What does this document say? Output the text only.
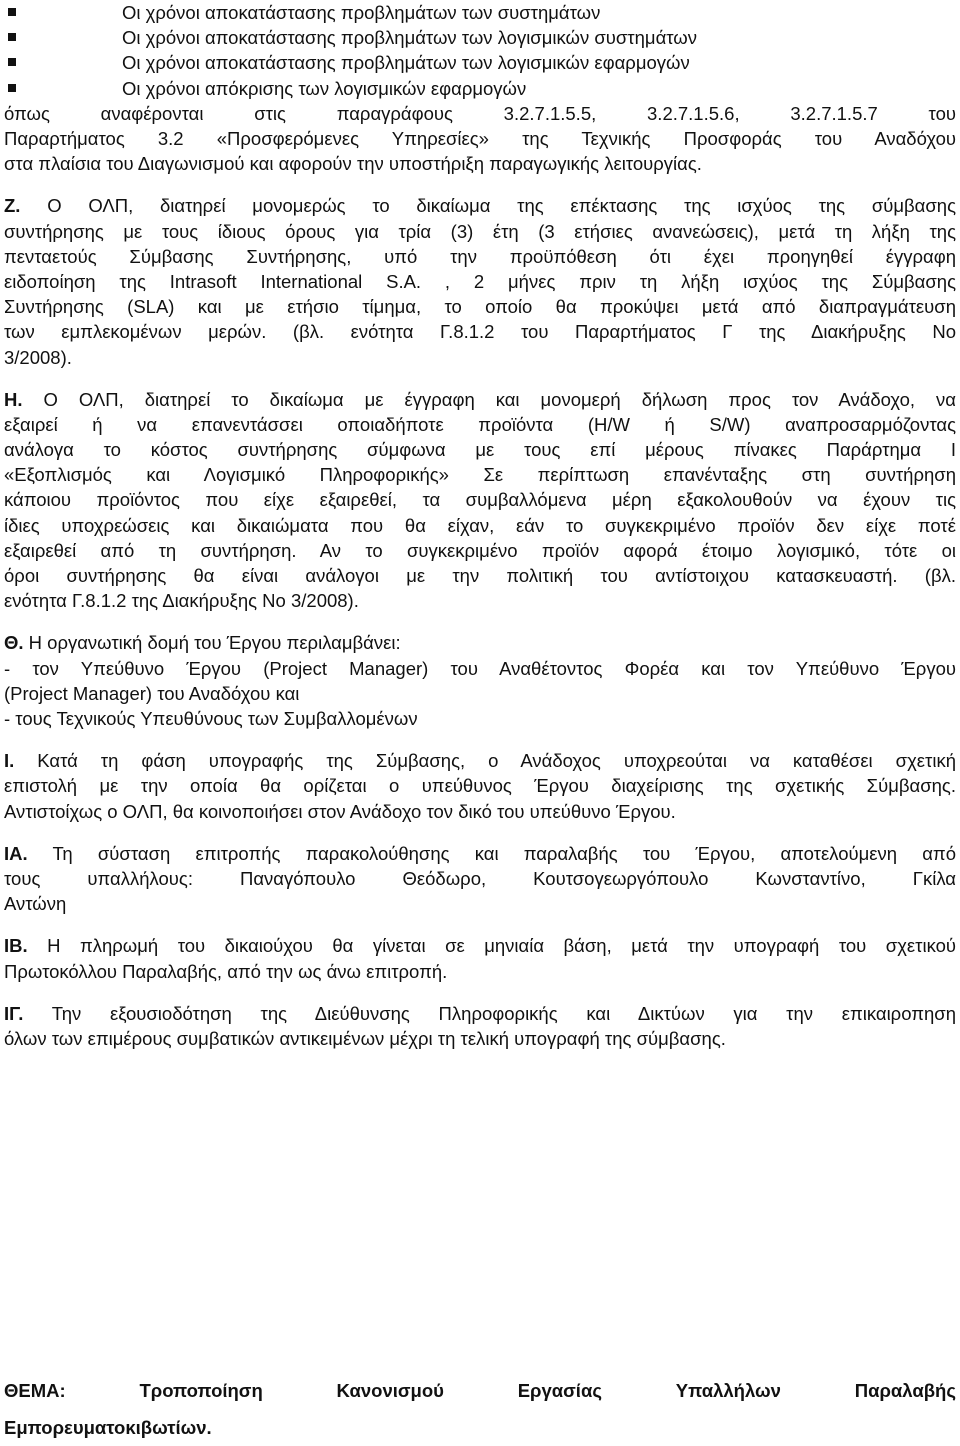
Οι χρόνοι αποκατάστασης προβλημάτων των συστημάτων
Οι χρόνοι αποκατάστασης προβλημάτων των λογισμικών συστημάτων
Οι χρόνοι αποκατάστασης προβλημάτων των λογισμικών εφαρμογών
Οι χρόνοι απόκρισης των λογισμικών εφαρμογών
όπως αναφέρονται στις παραγράφους 3.2.7.1.5.5, 3.2.7.1.5.6, 3.2.7.1.5.7 του
Παραρτήματος 3.2 «Προσφερόμενες Υπηρεσίες» της Τεχνικής Προσφοράς του Αναδόχου
στα πλαίσια του Διαγωνισμού και αφορούν την υποστήριξη παραγωγικής λειτουργίας.
Ζ. Ο ΟΛΠ, διατηρεί μονομερώς το δικαίωμα της επέκτασης της ισχύος της σύμβασης
συντήρησης με τους ίδιους όρους για τρία (3) έτη (3 ετήσιες ανανεώσεις), μετά τη λήξη της
πενταετούς Σύμβασης Συντήρησης, υπό την προϋπόθεση ότι έχει προηγηθεί έγγραφη
ειδοποίηση της Intrasoft International S.A. , 2 μήνες πριν τη λήξη ισχύος της Σύμβασης
Συντήρησης (SLA) και με ετήσιο τίμημα, το οποίο θα προκύψει μετά από διαπραγμάτευση
των εμπλεκομένων μερών. (βλ. ενότητα Γ.8.1.2 του Παραρτήματος Γ της Διακήρυξης Νο
3/2008).
Η. Ο ΟΛΠ, διατηρεί το δικαίωμα με έγγραφη και μονομερή δήλωση προς τον Ανάδοχο, να
εξαιρεί ή να επανεντάσσει οποιαδήποτε προϊόντα (H/W ή S/W) αναπροσαρμόζοντας
ανάλογα το κόστος συντήρησης σύμφωνα με τους επί μέρους πίνακες Παράρτημα Ι
«Εξοπλισμός και Λογισμικό Πληροφορικής» Σε περίπτωση επανένταξης στη συντήρηση
κάποιου προϊόντος που είχε εξαιρεθεί, τα συμβαλλόμενα μέρη εξακολουθούν να έχουν τις
ίδιες υποχρεώσεις και δικαιώματα που θα είχαν, εάν το συγκεκριμένο προϊόν δεν είχε ποτέ
εξαιρεθεί από τη συντήρηση. Αν το συγκεκριμένο προϊόν αφορά έτοιμο λογισμικό, τότε οι
όροι συντήρησης θα είναι ανάλογοι με την πολιτική του αντίστοιχου κατασκευαστή. (βλ.
ενότητα Γ.8.1.2 της Διακήρυξης Νο 3/2008).
Θ. Η οργανωτική δομή του Έργου περιλαμβάνει:
- τον Υπεύθυνο Έργου (Project Manager) του Αναθέτοντος Φορέα και τον Υπεύθυνο Έργου
(Project Manager) του Αναδόχου και
- τους Τεχνικούς Υπευθύνους των Συμβαλλομένων
Ι. Κατά τη φάση υπογραφής της Σύμβασης, ο Ανάδοχος υποχρεούται να καταθέσει σχετική
επιστολή με την οποία θα ορίζεται ο υπεύθυνος Έργου διαχείρισης της σχετικής Σύμβασης.
Αντιστοίχως ο ΟΛΠ, θα κοινοποιήσει στον Ανάδοχο τον δικό του υπεύθυνο Έργου.
ΙΑ. Τη σύσταση επιτροπής παρακολούθησης και παραλαβής του Έργου, αποτελούμενη από
τους υπαλλήλους: Παναγόπουλο Θεόδωρο, Κουτσογεωργόπουλο Κωνσταντίνο, Γκίλα
Αντώνη
ΙΒ. Η πληρωμή του δικαιούχου θα γίνεται σε μηνιαία βάση, μετά την υπογραφή του σχετικού
Πρωτοκόλλου Παραλαβής, από την ως άνω επιτροπή.
ΙΓ. Την εξουσιοδότηση της Διεύθυνσης Πληροφορικής και Δικτύων για την επικαιροπηση
όλων των επιμέρους συμβατικών αντικειμένων μέχρι τη τελική υπογραφή της σύμβασης.
ΘΕΜΑ:	Τροποποίηση	Κανονισμού	Εργασίας	Υπαλλήλων	Παραλαβής
Εμπορευματοκιβωτίων.
